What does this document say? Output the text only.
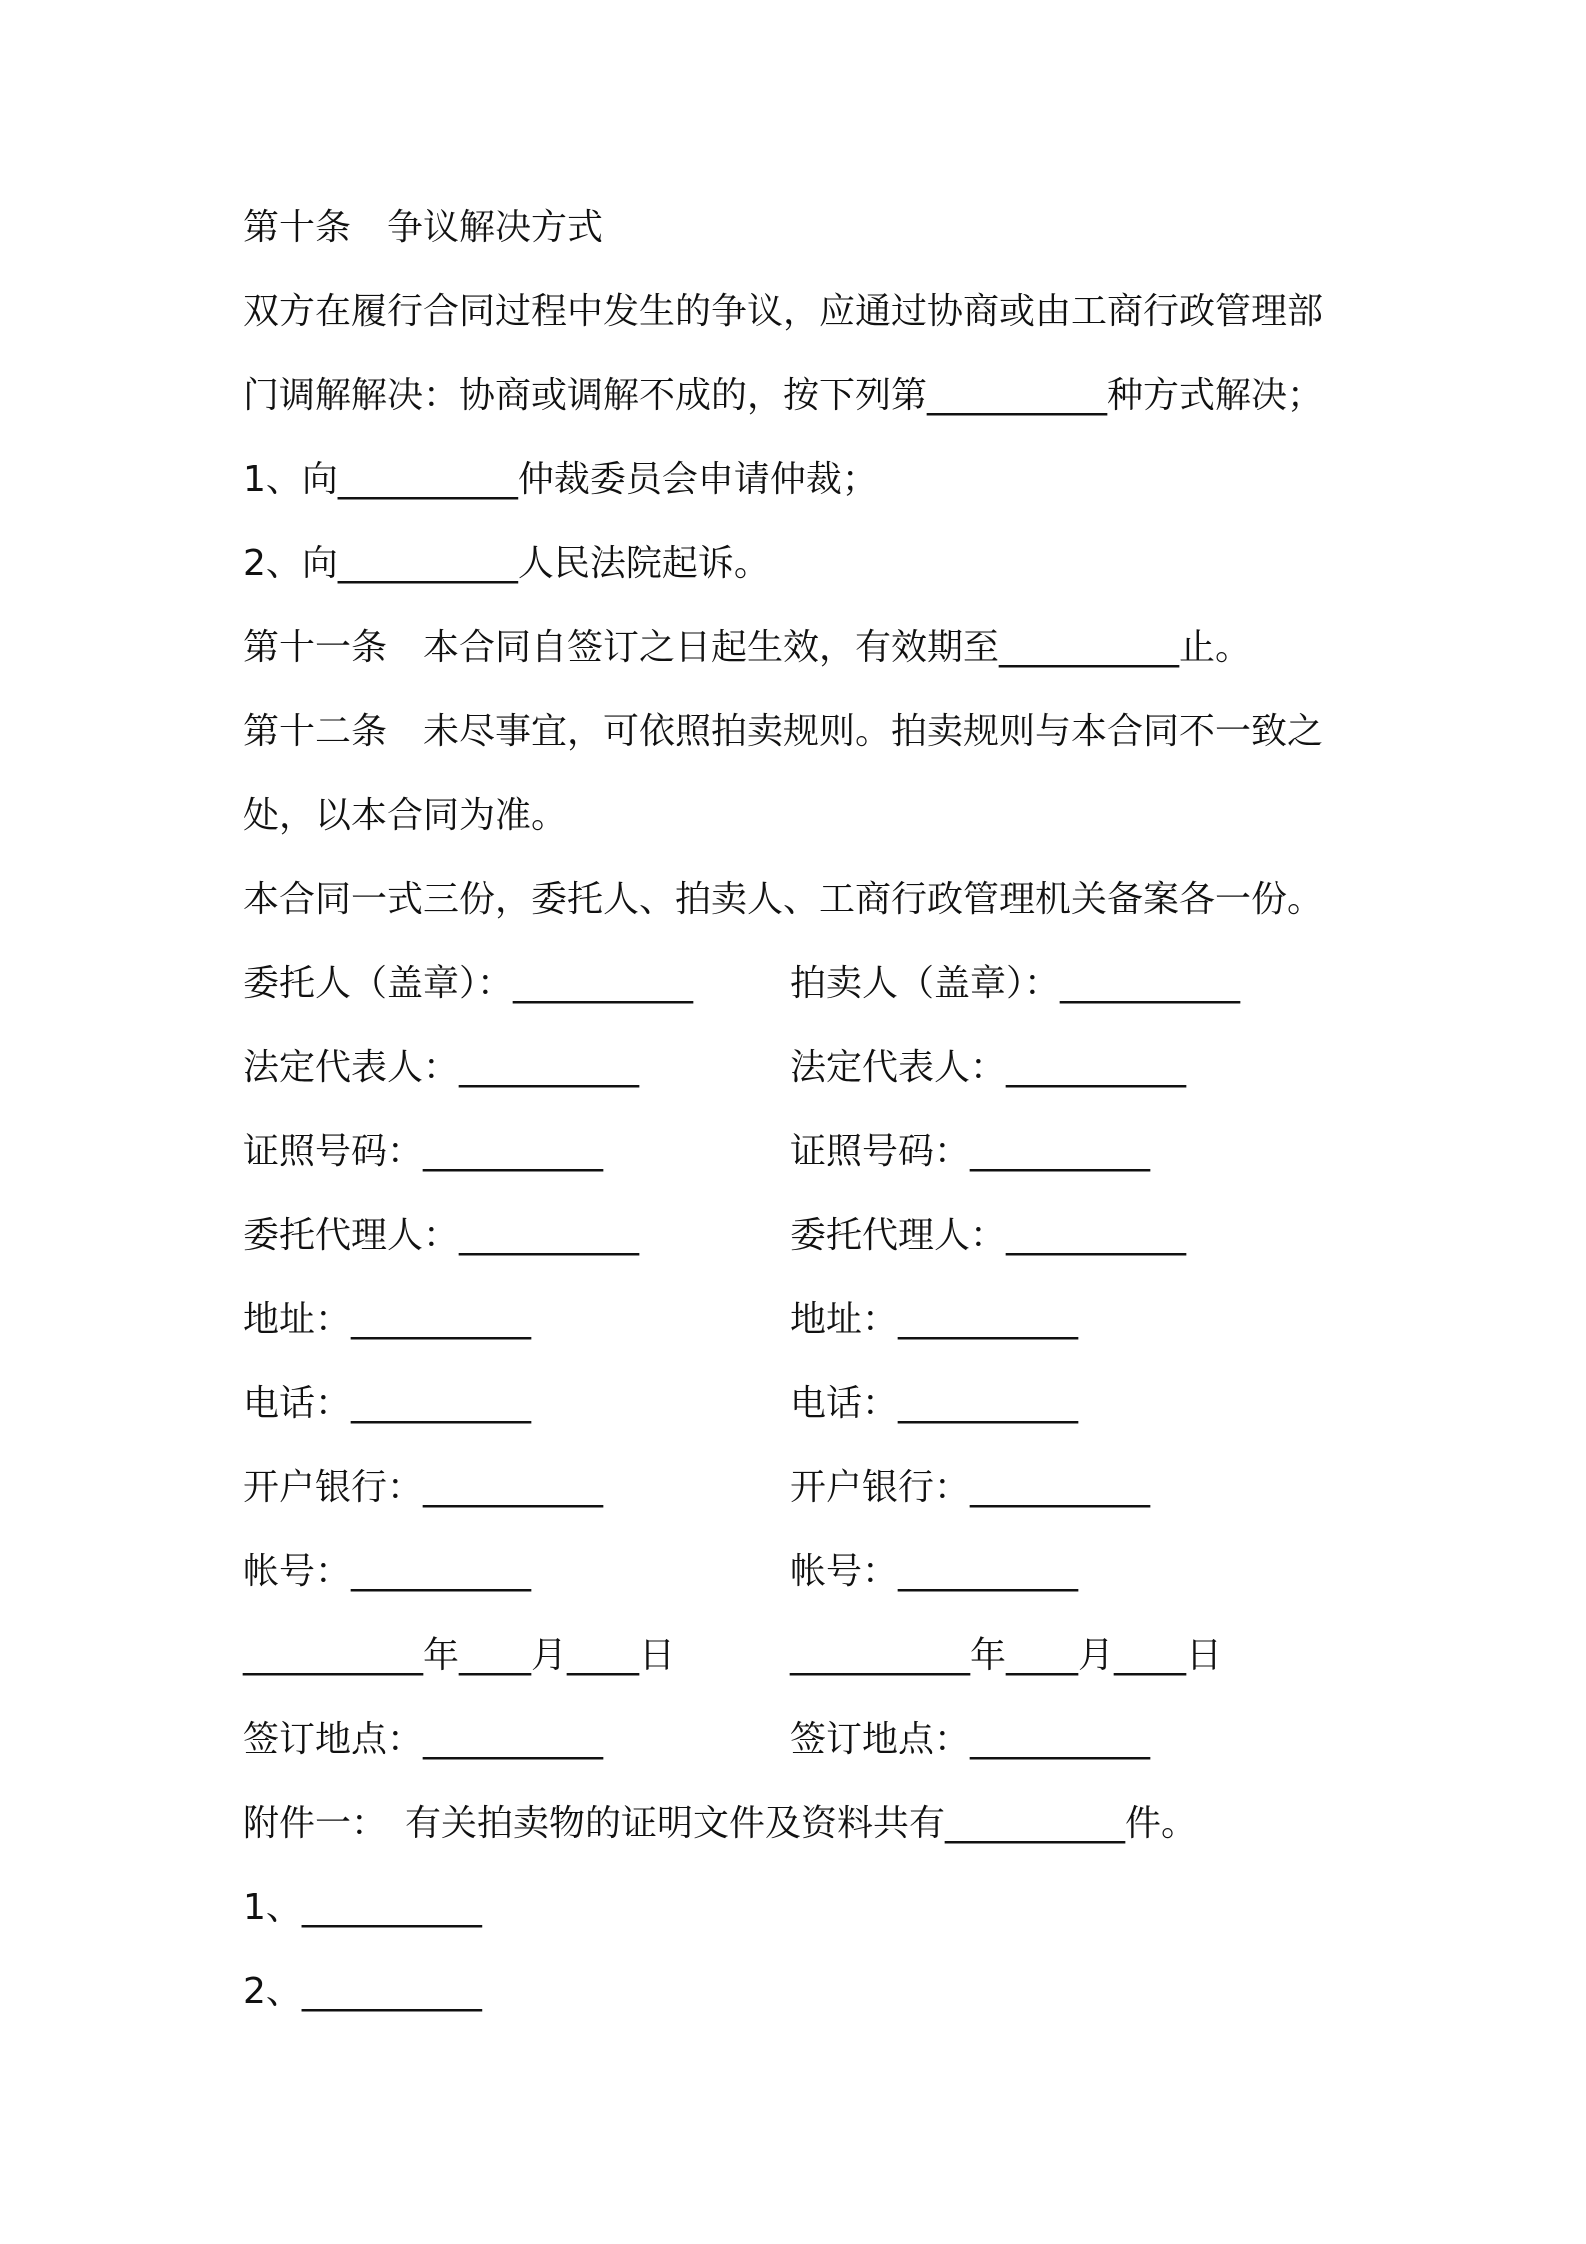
第十条　争议解决方式
双方在履行合同过程中发生的争议，应通过协商或由工商行政管理部
门调解解决：协商或调解不成的，按下列第__________种方式解决；
1、向__________仲裁委员会申请仲裁；
2、向__________人民法院起诉。
第十一条　本合同自签订之日起生效，有效期至__________止。
第十二条　未尽事宜，可依照拍卖规则。拍卖规则与本合同不一致之
处，以本合同为准。
本合同一式三份，委托人、拍卖人、工商行政管理机关备案各一份。
委托人（盖章）：__________
法定代表人：__________
证照号码：__________
委托代理人：__________
地址：__________
电话：__________
开户银行：__________
帐号：__________
__________年____月____日
签订地点：__________
拍卖人（盖章）：__________
法定代表人：__________
证照号码：__________
委托代理人：__________
地址：__________
电话：__________
开户银行：__________
帐号：__________
__________年____月____日
签订地点：__________
附件一：　有关拍卖物的证明文件及资料共有__________件。
1、__________
2、__________
